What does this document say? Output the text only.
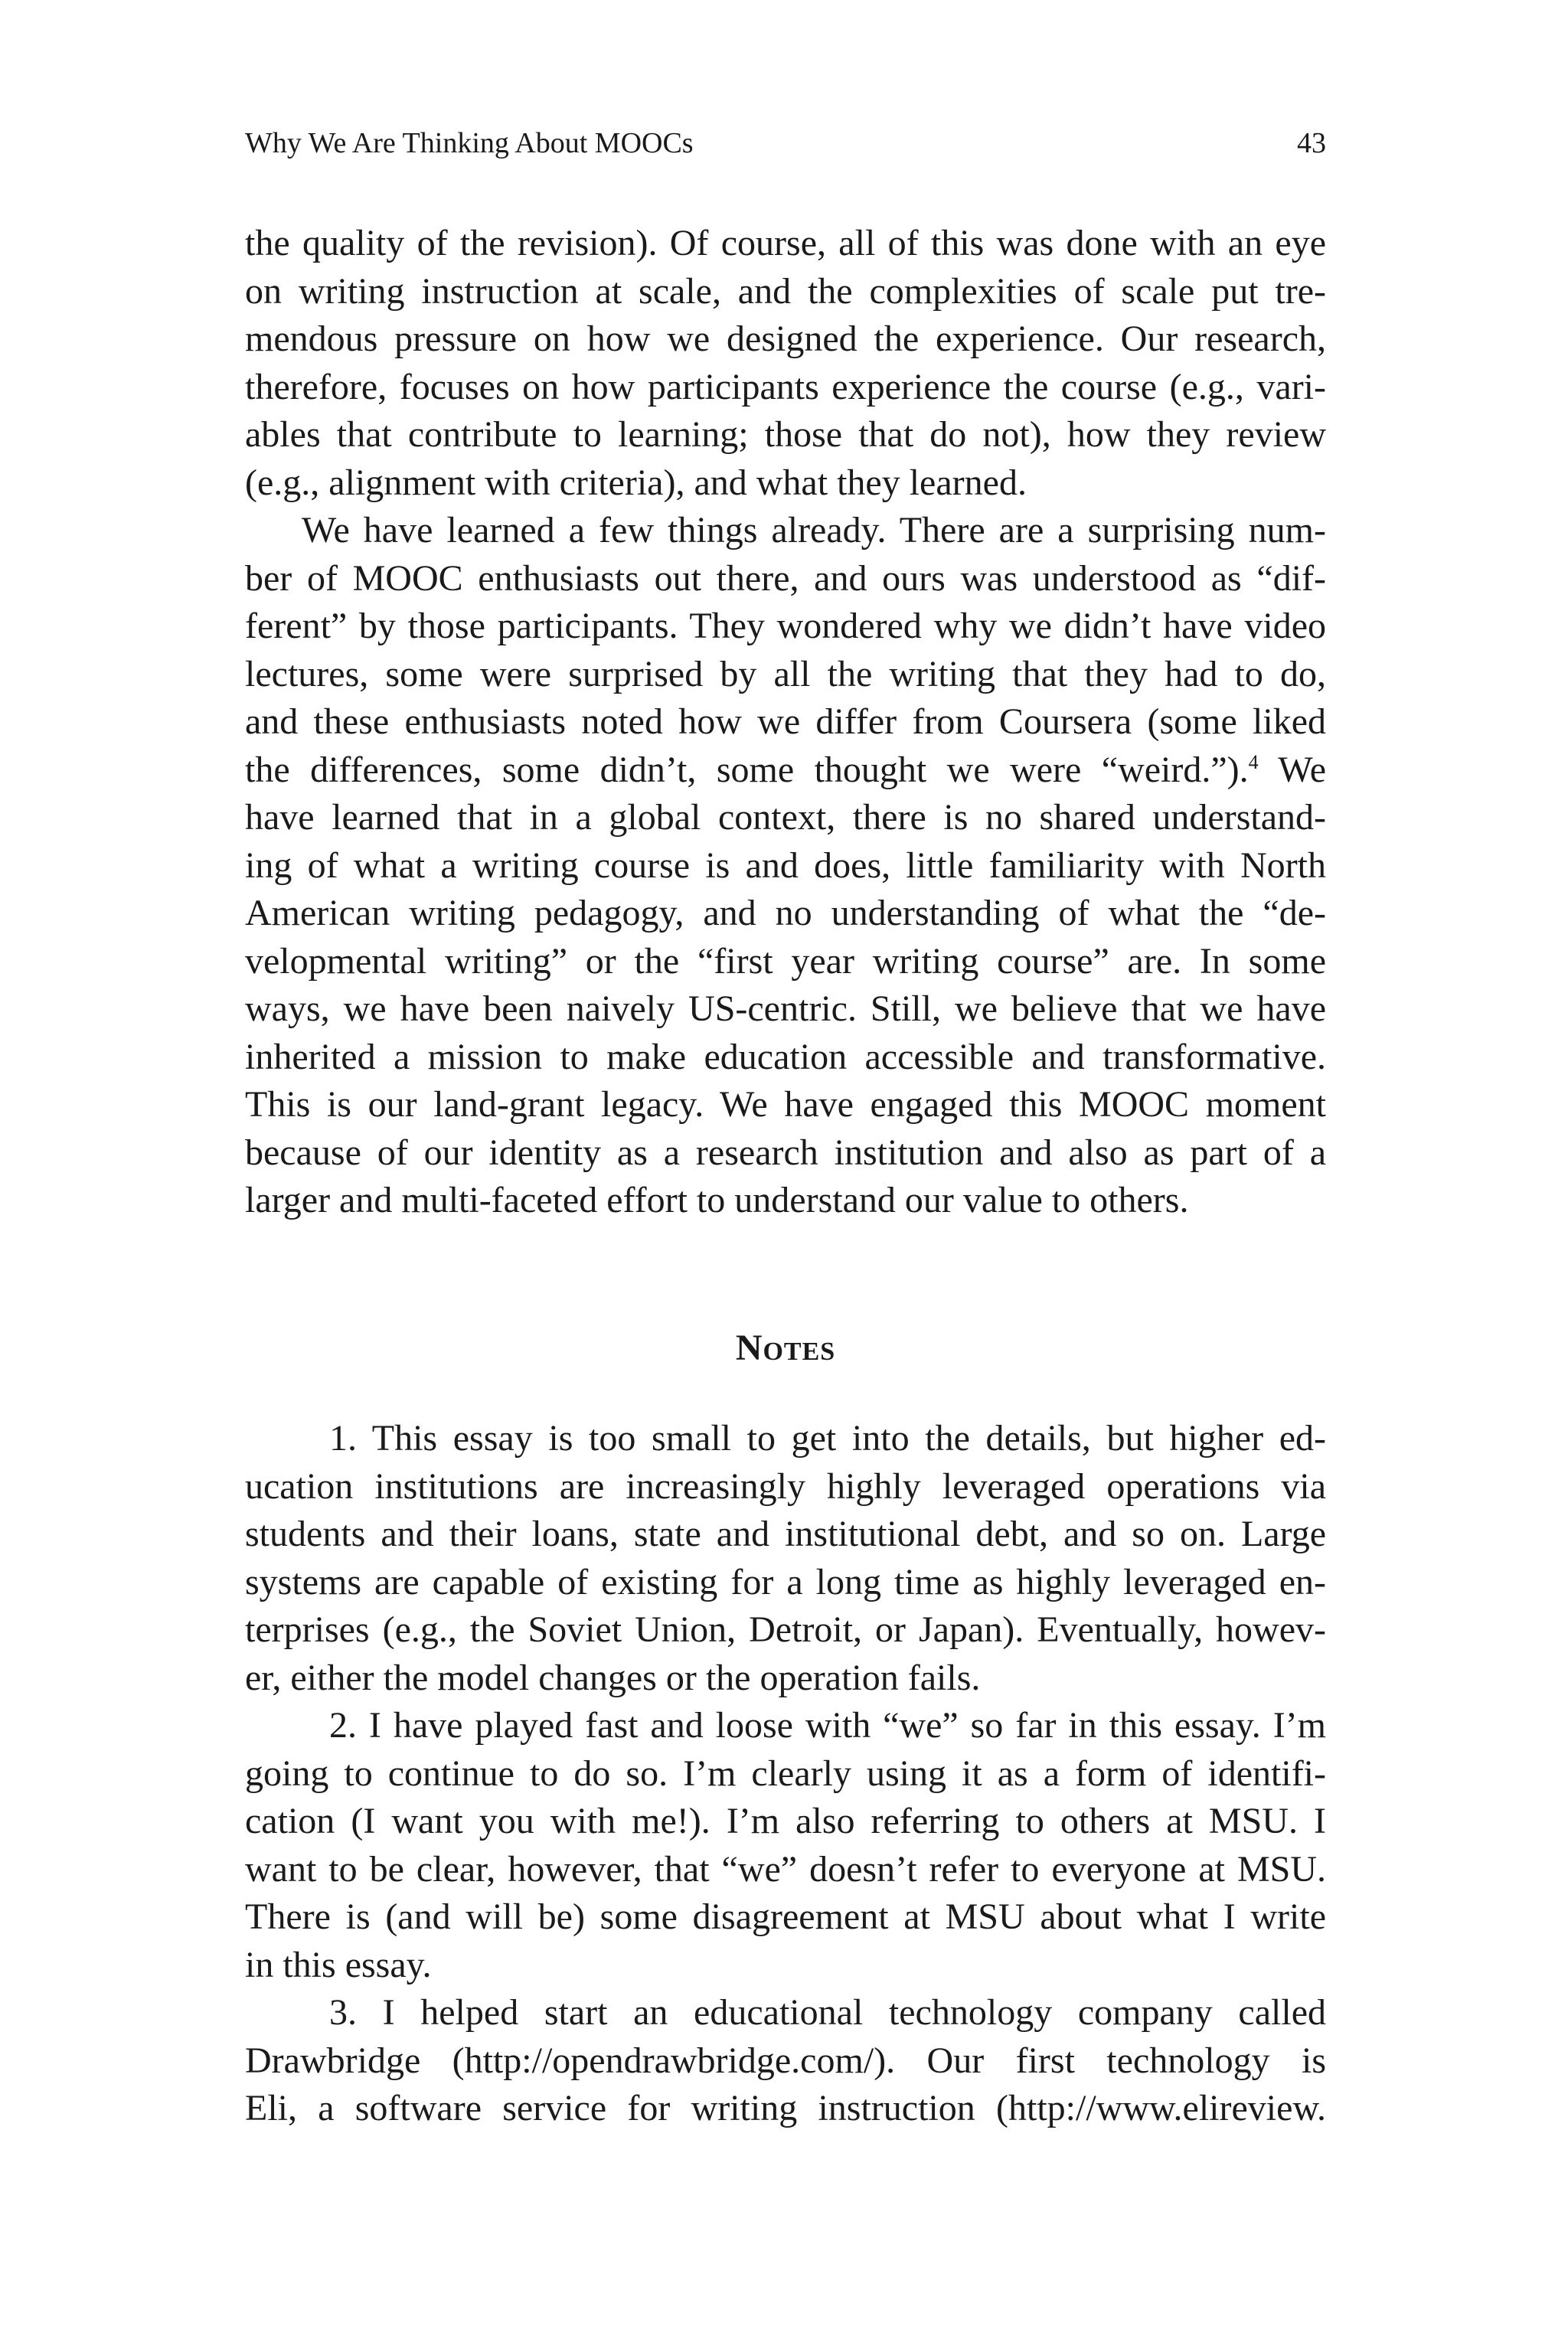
Why We Are Thinking About MOOCs	43
the quality of the revision). Of course, all of this was done with an eye
on writing instruction at scale, and the complexities of scale put tre-
mendous pressure on how we designed the experience. Our research,
therefore, focuses on how participants experience the course (e.g., vari-
ables that contribute to learning; those that do not), how they review
(e.g., alignment with criteria), and what they learned.
We have learned a few things already. There are a surprising num-
ber of MOOC enthusiasts out there, and ours was understood as “dif-
ferent” by those participants. They wondered why we didn’t have video
lectures, some were surprised by all the writing that they had to do,
and these enthusiasts noted how we differ from Coursera (some liked
the differences, some didn’t, some thought we were “weird.”).$^4$ We
have learned that in a global context, there is no shared understand-
ing of what a writing course is and does, little familiarity with North
American writing pedagogy, and no understanding of what the “de-
velopmental writing” or the “first year writing course” are. In some
ways, we have been naively US-centric. Still, we believe that we have
inherited a mission to make education accessible and transformative.
This is our land-grant legacy. We have engaged this MOOC moment
because of our identity as a research institution and also as part of a
larger and multi-faceted effort to understand our value to others.
Notes
1. This essay is too small to get into the details, but higher ed-
ucation institutions are increasingly highly leveraged operations via
students and their loans, state and institutional debt, and so on. Large
systems are capable of existing for a long time as highly leveraged en-
terprises (e.g., the Soviet Union, Detroit, or Japan). Eventually, howev-
er, either the model changes or the operation fails.
2. I have played fast and loose with “we” so far in this essay. I’m
going to continue to do so. I’m clearly using it as a form of identifi-
cation (I want you with me!). I’m also referring to others at MSU. I
want to be clear, however, that “we” doesn’t refer to everyone at MSU.
There is (and will be) some disagreement at MSU about what I write
in this essay.
3. I helped start an educational technology company called
Drawbridge (http://opendrawbridge.com/). Our first technology is
Eli, a software service for writing instruction (http://www.elireview.
